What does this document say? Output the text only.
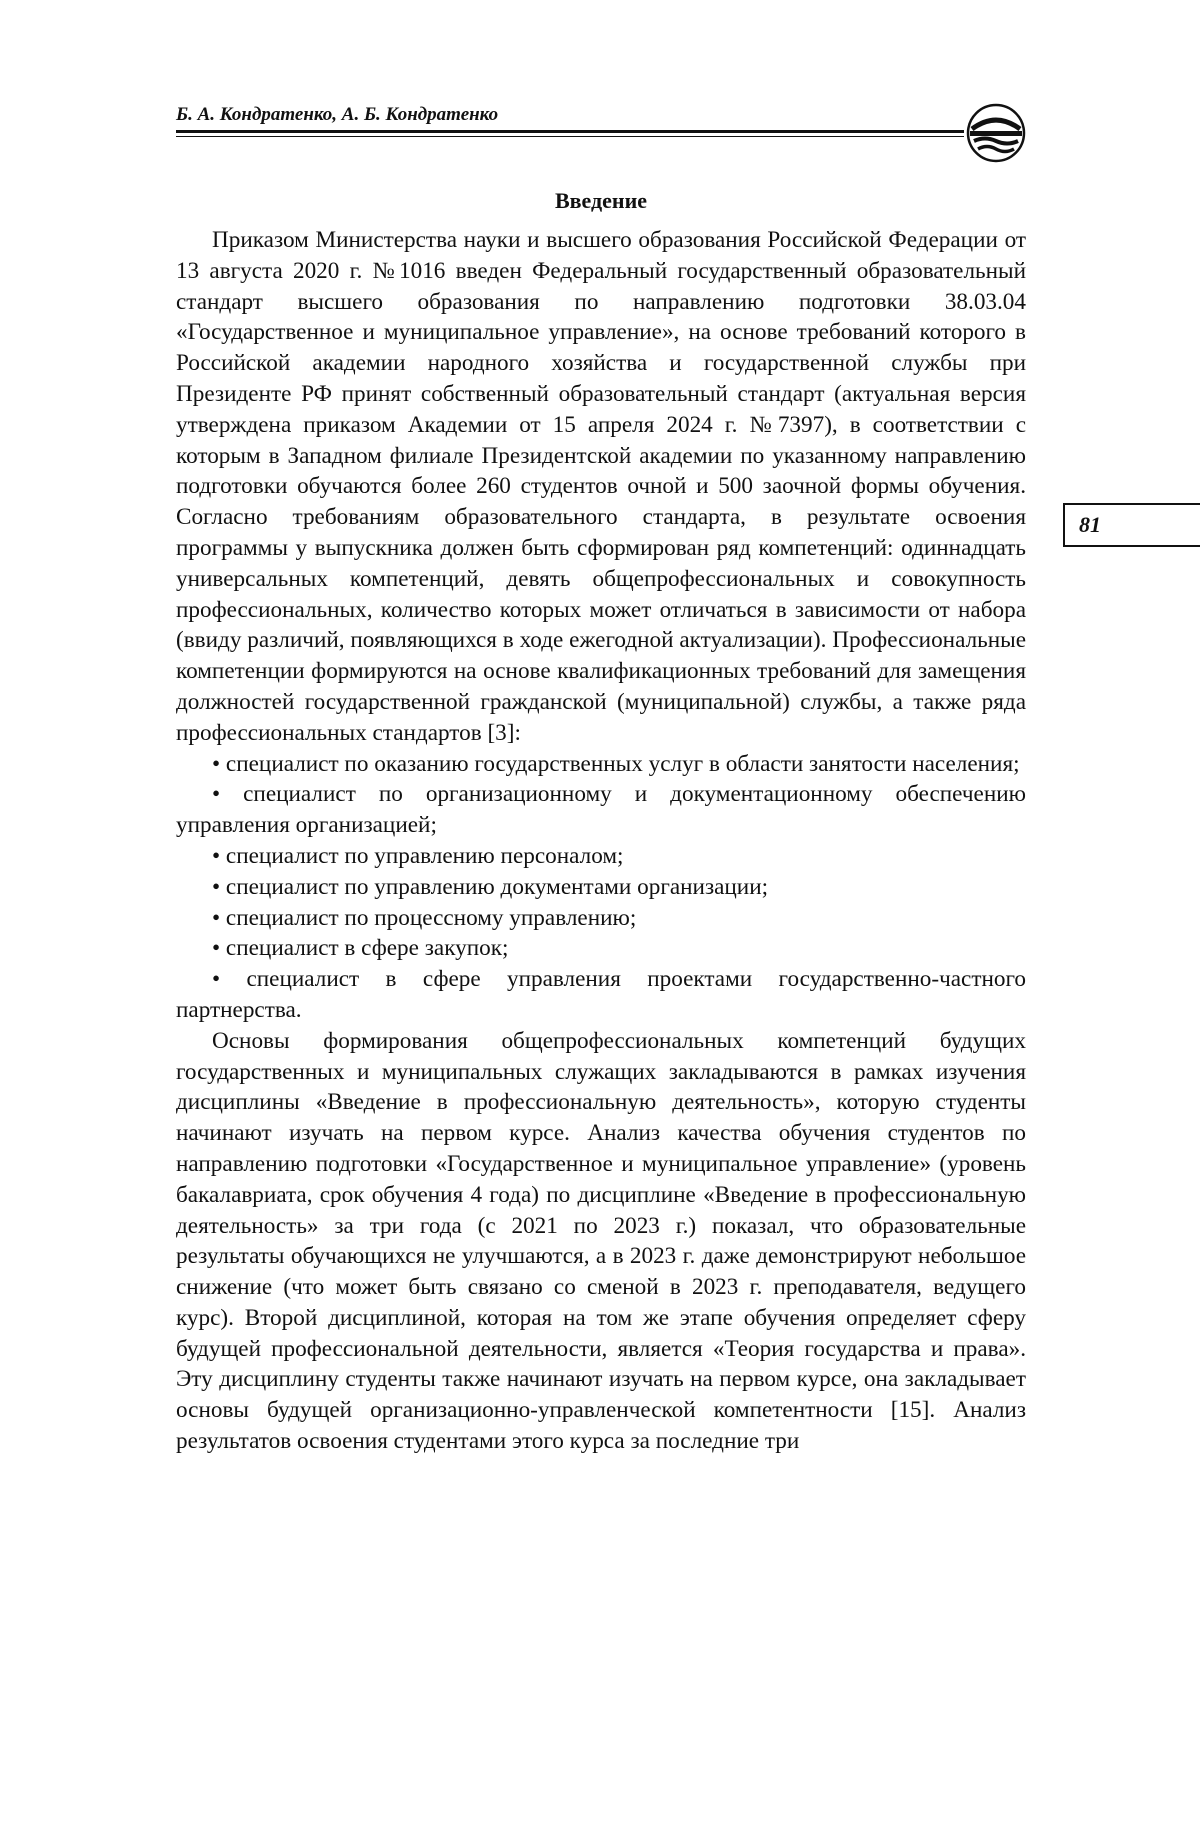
Б. А. Кондратенко, А. Б. Кондратенко
81
Введение

Приказом Министерства науки и высшего образования Российской Федерации от 13 августа 2020 г. №1016 введен Федеральный государственный образовательный стандарт высшего образования по направлению подготовки 38.03.04 «Государственное и муниципальное управление», на основе требований которого в Российской академии народного хозяйства и государственной службы при Президенте РФ принят собственный образовательный стандарт (актуальная версия утверждена приказом Академии от 15 апреля 2024 г. №7397), в соответствии с которым в Западном филиале Президентской академии по указанному направлению подготовки обучаются более 260 студентов очной и 500 заочной формы обучения. Согласно требованиям образовательного стандарта, в результате освоения программы у выпускника должен быть сформирован ряд компетенций: одиннадцать универсальных компетенций, девять общепрофессиональных и совокупность профессиональных, количество которых может отличаться в зависимости от набора (ввиду различий, появляющихся в ходе ежегодной актуализации). Профессиональные компетенции формируются на основе квалификационных требований для замещения должностей государственной гражданской (муниципальной) службы, а также ряда профессиональных стандартов [3]:

• специалист по оказанию государственных услуг в области занятости населения;
• специалист по организационному и документационному обеспечению управления организацией;
• специалист по управлению персоналом;
• специалист по управлению документами организации;
• специалист по процессному управлению;
• специалист в сфере закупок;
• специалист в сфере управления проектами государственно-частного партнерства.

Основы формирования общепрофессиональных компетенций будущих государственных и муниципальных служащих закладываются в рамках изучения дисциплины «Введение в профессиональную деятельность», которую студенты начинают изучать на первом курсе. Анализ качества обучения студентов по направлению подготовки «Государственное и муниципальное управление» (уровень бакалавриата, срок обучения 4 года) по дисциплине «Введение в профессиональную деятельность» за три года (с 2021 по 2023 г.) показал, что образовательные результаты обучающихся не улучшаются, а в 2023 г. даже демонстрируют небольшое снижение (что может быть связано со сменой в 2023 г. преподавателя, ведущего курс). Второй дисциплиной, которая на том же этапе обучения определяет сферу будущей профессиональной деятельности, является «Теория государства и права». Эту дисциплину студенты также начинают изучать на первом курсе, она закладывает основы будущей организационно-управленческой компетентности [15]. Анализ результатов освоения студентами этого курса за последние три
